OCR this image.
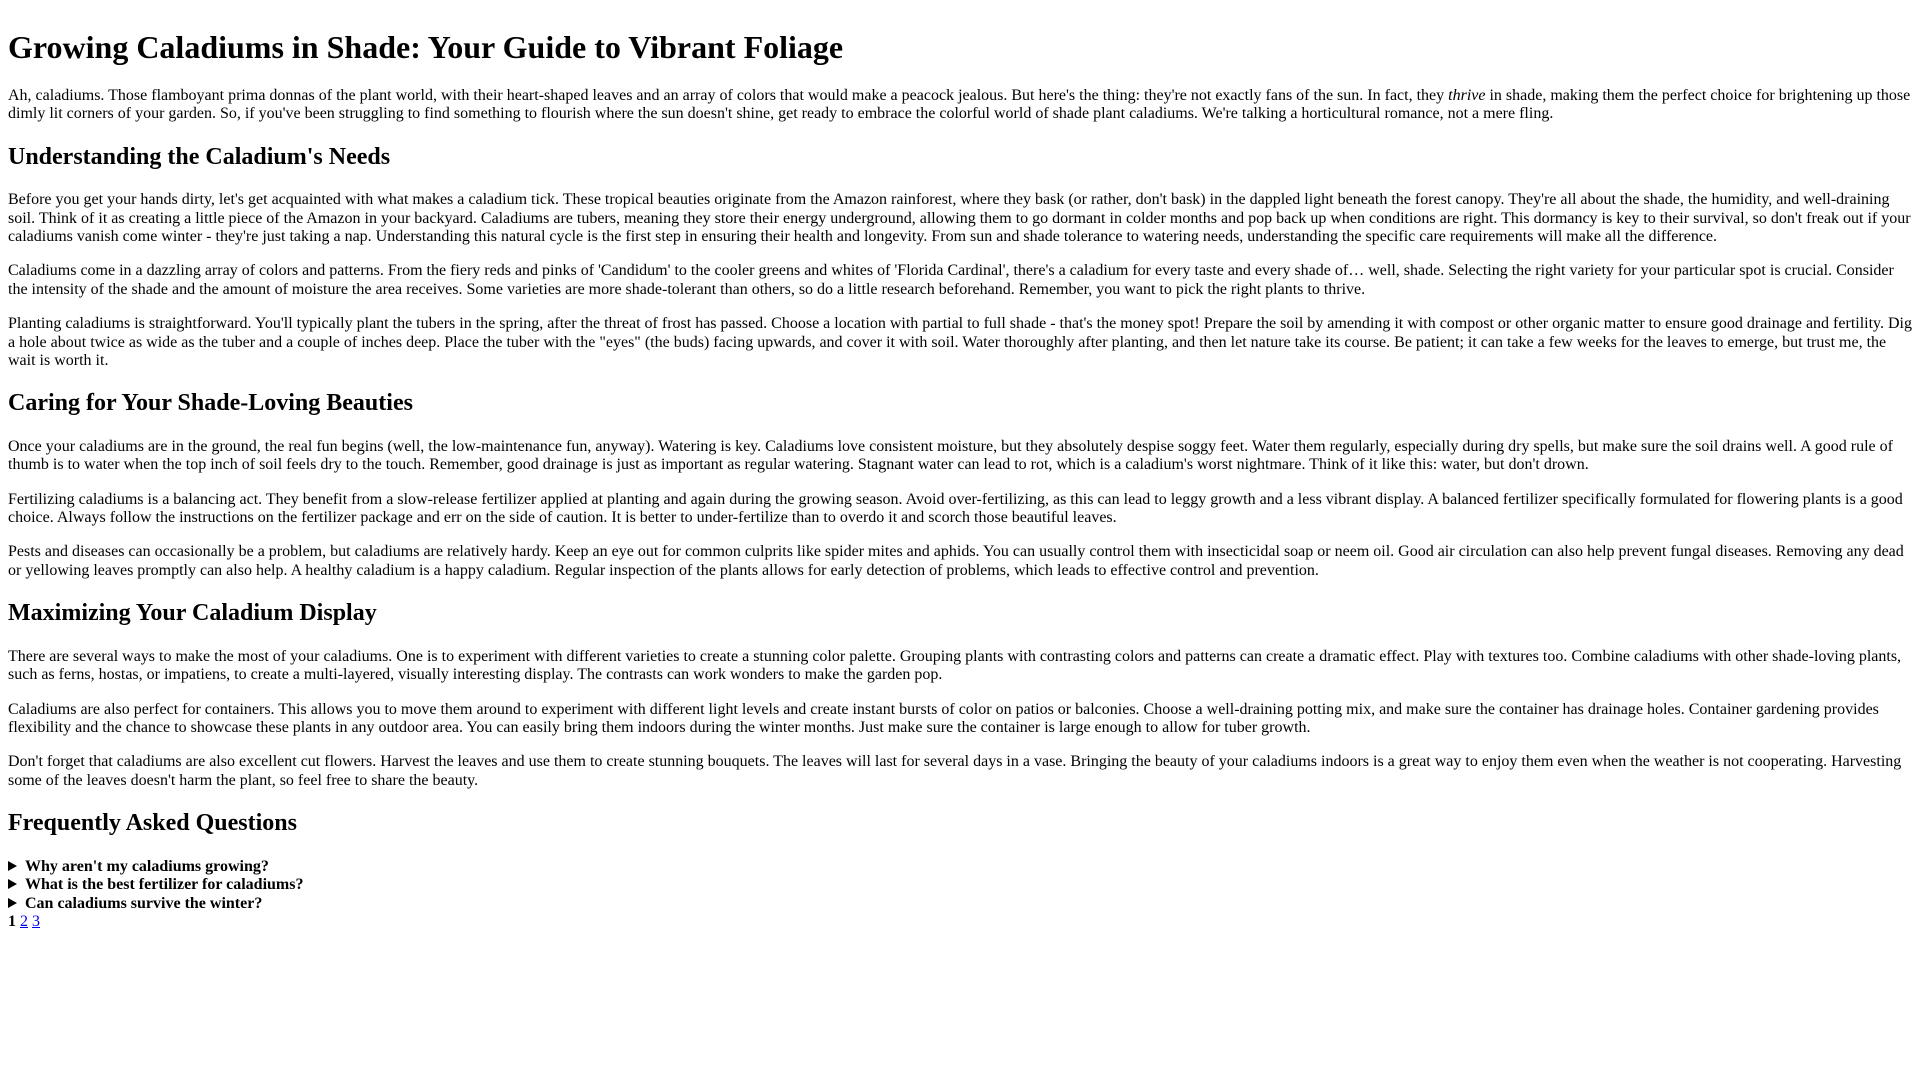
Growing Caladiums in Shade: Your Guide to Vibrant Foliage

Ah, caladiums. Those flamboyant prima donnas of the plant world, with their heart-shaped leaves and an array of colors that would make a peacock jealous. But here's the thing: they're not exactly fans of the sun. In fact, they thrive in shade, making them the perfect choice for brightening up those dimly lit corners of your garden. So, if you've been struggling to find something to flourish where the sun doesn't shine, get ready to embrace the colorful world of shade plant caladiums. We're talking a horticultural romance, not a mere fling.

Understanding the Caladium's Needs

Before you get your hands dirty, let's get acquainted with what makes a caladium tick. These tropical beauties originate from the Amazon rainforest, where they bask (or rather, don't bask) in the dappled light beneath the forest canopy. They're all about the shade, the humidity, and well-draining soil. Think of it as creating a little piece of the Amazon in your backyard. Caladiums are tubers, meaning they store their energy underground, allowing them to go dormant in colder months and pop back up when conditions are right. This dormancy is key to their survival, so don't freak out if your caladiums vanish come winter - they're just taking a nap. Understanding this natural cycle is the first step in ensuring their health and longevity. From sun and shade tolerance to watering needs, understanding the specific care requirements will make all the difference.

Caladiums come in a dazzling array of colors and patterns. From the fiery reds and pinks of 'Candidum' to the cooler greens and whites of 'Florida Cardinal', there's a caladium for every taste and every shade of… well, shade. Selecting the right variety for your particular spot is crucial. Consider the intensity of the shade and the amount of moisture the area receives. Some varieties are more shade-tolerant than others, so do a little research beforehand. Remember, you want to pick the right plants to thrive.

Planting caladiums is straightforward. You'll typically plant the tubers in the spring, after the threat of frost has passed. Choose a location with partial to full shade - that's the money spot! Prepare the soil by amending it with compost or other organic matter to ensure good drainage and fertility. Dig a hole about twice as wide as the tuber and a couple of inches deep. Place the tuber with the "eyes" (the buds) facing upwards, and cover it with soil. Water thoroughly after planting, and then let nature take its course. Be patient; it can take a few weeks for the leaves to emerge, but trust me, the wait is worth it.

Caring for Your Shade-Loving Beauties

Once your caladiums are in the ground, the real fun begins (well, the low-maintenance fun, anyway). Watering is key. Caladiums love consistent moisture, but they absolutely despise soggy feet. Water them regularly, especially during dry spells, but make sure the soil drains well. A good rule of thumb is to water when the top inch of soil feels dry to the touch. Remember, good drainage is just as important as regular watering. Stagnant water can lead to rot, which is a caladium's worst nightmare. Think of it like this: water, but don't drown.

Fertilizing caladiums is a balancing act. They benefit from a slow-release fertilizer applied at planting and again during the growing season. Avoid over-fertilizing, as this can lead to leggy growth and a less vibrant display. A balanced fertilizer specifically formulated for flowering plants is a good choice. Always follow the instructions on the fertilizer package and err on the side of caution. It is better to under-fertilize than to overdo it and scorch those beautiful leaves.

Pests and diseases can occasionally be a problem, but caladiums are relatively hardy. Keep an eye out for common culprits like spider mites and aphids. You can usually control them with insecticidal soap or neem oil. Good air circulation can also help prevent fungal diseases. Removing any dead or yellowing leaves promptly can also help. A healthy caladium is a happy caladium. Regular inspection of the plants allows for early detection of problems, which leads to effective control and prevention.

Maximizing Your Caladium Display

There are several ways to make the most of your caladiums. One is to experiment with different varieties to create a stunning color palette. Grouping plants with contrasting colors and patterns can create a dramatic effect. Play with textures too. Combine caladiums with other shade-loving plants, such as ferns, hostas, or impatiens, to create a multi-layered, visually interesting display. The contrasts can work wonders to make the garden pop.

Caladiums are also perfect for containers. This allows you to move them around to experiment with different light levels and create instant bursts of color on patios or balconies. Choose a well-draining potting mix, and make sure the container has drainage holes. Container gardening provides flexibility and the chance to showcase these plants in any outdoor area. You can easily bring them indoors during the winter months. Just make sure the container is large enough to allow for tuber growth.

Don't forget that caladiums are also excellent cut flowers. Harvest the leaves and use them to create stunning bouquets. The leaves will last for several days in a vase. Bringing the beauty of your caladiums indoors is a great way to enjoy them even when the weather is not cooperating. Harvesting some of the leaves doesn't harm the plant, so feel free to share the beauty.

Frequently Asked Questions
Why aren't my caladiums growing?
What is the best fertilizer for caladiums?
Can caladiums survive the winter?
1 2 3
